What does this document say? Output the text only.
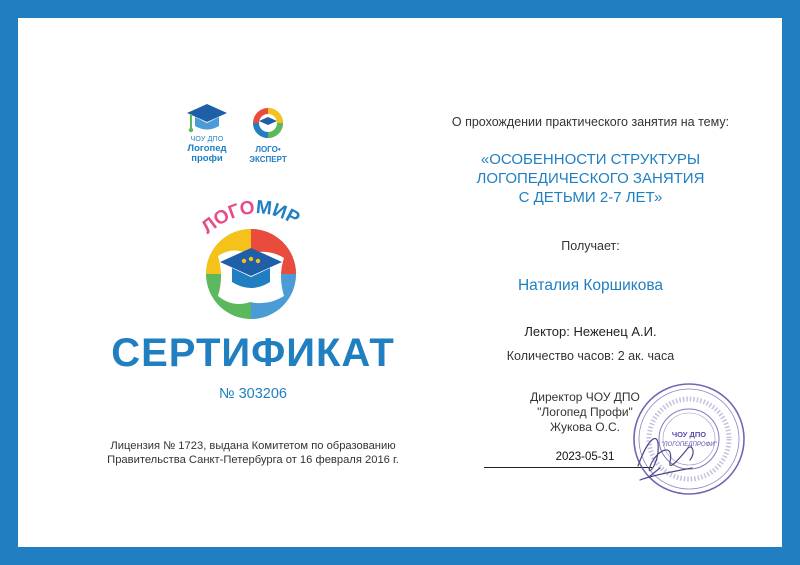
ЧОУ ДПО
Логопед
профи
ЛОГО•
ЭКСПЕРТ
ЛОГОМИР
СЕРТИФИКАТ
№ 303206
Лицензия № 1723, выдана Комитетом по образованию
Правительства Санкт-Петербурга от 16 февраля 2016 г.
О прохождении практического занятия на тему:
«ОСОБЕННОСТИ СТРУКТУРЫ
ЛОГОПЕДИЧЕСКОГО ЗАНЯТИЯ
С ДЕТЬМИ 2-7 ЛЕТ»
Получает:
Наталия Коршикова
Лектор: Неженец А.И.
Количество часов: 2 ак. часа
Директор ЧОУ ДПО
"Логопед Профи"
Жукова О.С.
2023-05-31
ЧОУ ДПО
"ЛОГОПЕДПРОФИ"
